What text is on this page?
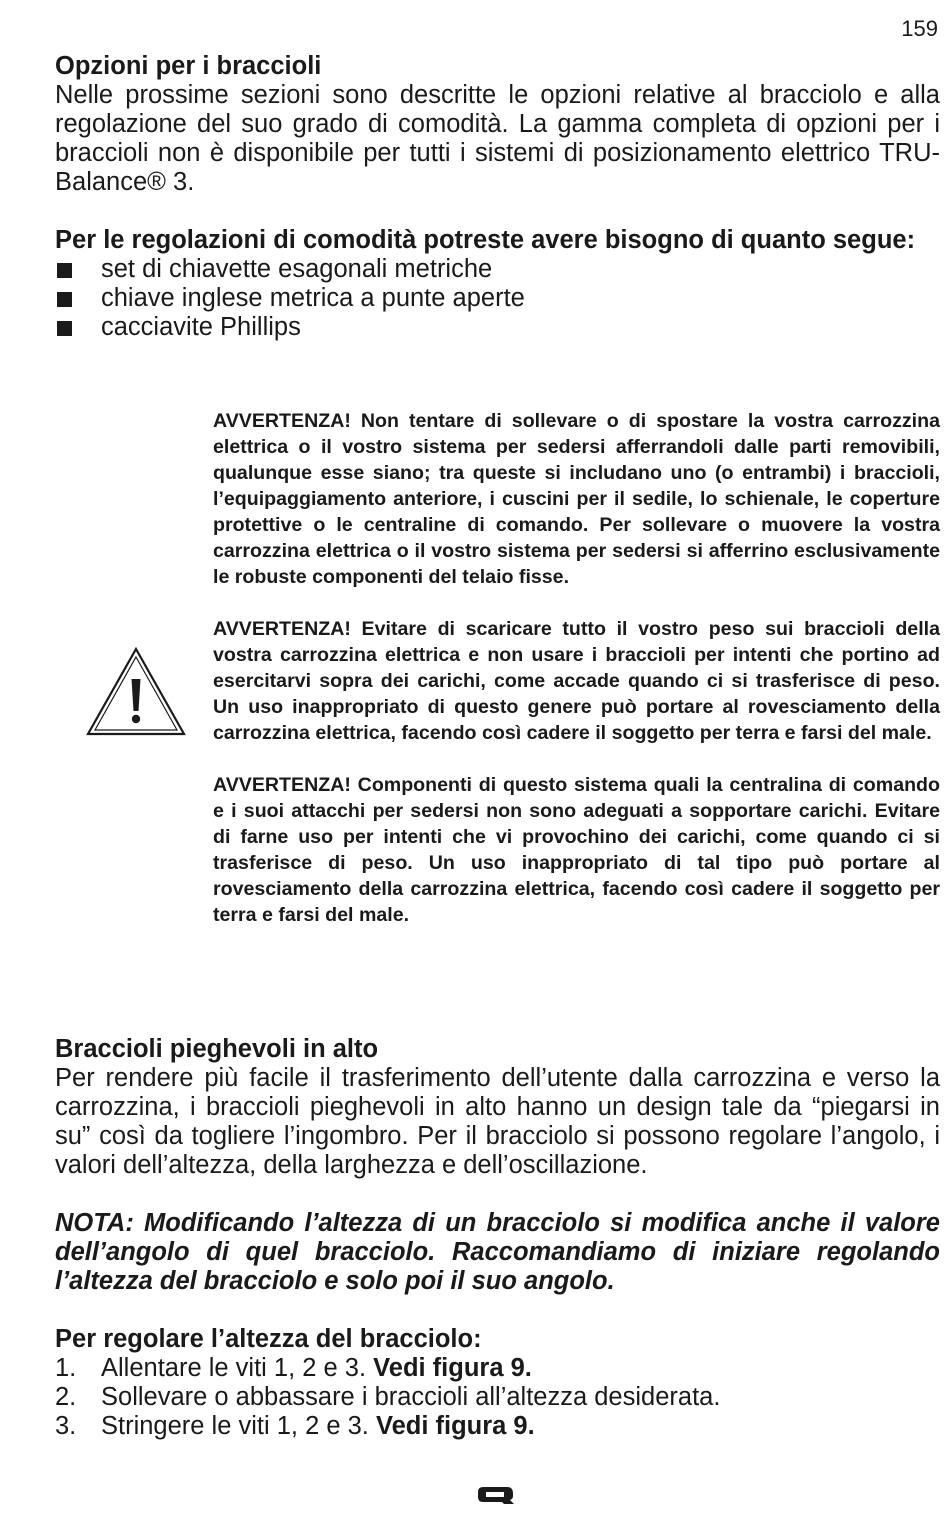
159

Opzioni per i braccioli

Nelle prossime sezioni sono descritte le opzioni relative al bracciolo e alla regolazione del suo grado di comodità. La gamma completa di opzioni per i braccioli non è disponibile per tutti i sistemi di posizionamento elettrico TRU-Balance® 3.

Per le regolazioni di comodità potreste avere bisogno di quanto segue:

set di chiavette esagonali metriche
chiave inglese metrica a punte aperte
cacciavite Phillips

AVVERTENZA! Non tentare di sollevare o di spostare la vostra carrozzina elettrica o il vostro sistema per sedersi afferrandoli dalle parti removibili, qualunque esse siano; tra queste si includano uno (o entrambi) i braccioli, l’equipaggiamento anteriore, i cuscini per il sedile, lo schienale, le coperture protettive o le centraline di comando. Per sollevare o muovere la vostra carrozzina elettrica o il vostro sistema per sedersi si afferrino esclusivamente le robuste componenti del telaio fisse.

AVVERTENZA! Evitare di scaricare tutto il vostro peso sui braccioli della vostra carrozzina elettrica e non usare i braccioli per intenti che portino ad esercitarvi sopra dei carichi, come accade quando ci si trasferisce di peso. Un uso inappropriato di questo genere può portare al rovesciamento della carrozzina elettrica, facendo così cadere il soggetto per terra e farsi del male.

AVVERTENZA! Componenti di questo sistema quali la centralina di comando e i suoi attacchi per sedersi non sono adeguati a sopportare carichi. Evitare di farne uso per intenti che vi provochino dei carichi, come quando ci si trasferisce di peso. Un uso inappropriato di tal tipo può portare al rovesciamento della carrozzina elettrica, facendo così cadere il soggetto per terra e farsi del male.

Braccioli pieghevoli in alto

Per rendere più facile il trasferimento dell’utente dalla carrozzina e verso la carrozzina, i braccioli pieghevoli in alto hanno un design tale da “piegarsi in su” così da togliere l’ingombro. Per il bracciolo si possono regolare l’angolo, i valori dell’altezza, della larghezza e dell’oscillazione.

NOTA: Modificando l’altezza di un bracciolo si modifica anche il valore dell’angolo di quel bracciolo. Raccomandiamo di iniziare regolando l’altezza del bracciolo e solo poi il suo angolo.

Per regolare l’altezza del bracciolo:

1. Allentare le viti 1, 2 e 3. Vedi figura 9.
2. Sollevare o abbassare i braccioli all’altezza desiderata.
3. Stringere le viti 1, 2 e 3. Vedi figura 9.
